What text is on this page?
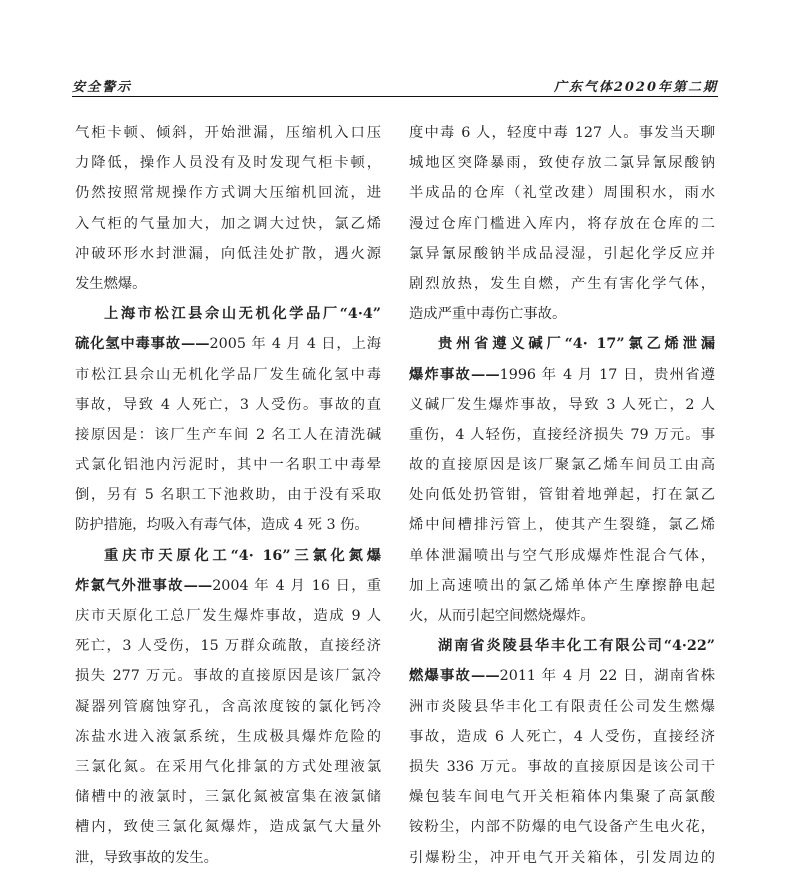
安全警示	广东气体2020年第二期
气柜卡顿、倾斜，开始泄漏，压缩机入口压
力降低，操作人员没有及时发现气柜卡顿，
仍然按照常规操作方式调大压缩机回流，进
入气柜的气量加大，加之调大过快，氯乙烯
冲破环形水封泄漏，向低洼处扩散，遇火源
发生燃爆。
上海市松江县佘山无机化学品厂“4·4”
硫化氢中毒事故——2005 年 4 月 4 日，上海
市松江县佘山无机化学品厂发生硫化氢中毒
事故，导致 4 人死亡，3 人受伤。事故的直
接原因是：该厂生产车间 2 名工人在清洗碱
式氯化铝池内污泥时，其中一名职工中毒晕
倒，另有 5 名职工下池救助，由于没有采取
防护措施，均吸入有毒气体，造成 4 死 3 伤。
重庆市天原化工“4· 16”三氯化氮爆
炸氯气外泄事故——2004 年 4 月 16 日，重
庆市天原化工总厂发生爆炸事故，造成 9 人
死亡，3 人受伤，15 万群众疏散，直接经济
损失 277 万元。事故的直接原因是该厂氯冷
凝器列管腐蚀穿孔，含高浓度铵的氯化钙冷
冻盐水进入液氯系统，生成极具爆炸危险的
三氯化氮。在采用气化排氯的方式处理液氯
储槽中的液氯时，三氯化氮被富集在液氯储
槽内，致使三氯化氮爆炸，造成氯气大量外
泄，导致事故的发生。
度中毒 6 人，轻度中毒 127 人。事发当天聊
城地区突降暴雨，致使存放二氯异氰尿酸钠
半成品的仓库（礼堂改建）周围积水，雨水
漫过仓库门槛进入库内，将存放在仓库的二
氯异氰尿酸钠半成品浸湿，引起化学反应并
剧烈放热，发生自燃，产生有害化学气体，
造成严重中毒伤亡事故。
贵州省遵义碱厂“4· 17”氯乙烯泄漏
爆炸事故——1996 年 4 月 17 日，贵州省遵
义碱厂发生爆炸事故，导致 3 人死亡，2 人
重伤，4 人轻伤，直接经济损失 79 万元。事
故的直接原因是该厂聚氯乙烯车间员工由高
处向低处扔管钳，管钳着地弹起，打在氯乙
烯中间槽排污管上，使其产生裂缝，氯乙烯
单体泄漏喷出与空气形成爆炸性混合气体，
加上高速喷出的氯乙烯单体产生摩擦静电起
火，从而引起空间燃烧爆炸。
湖南省炎陵县华丰化工有限公司“4·22”
燃爆事故——2011 年 4 月 22 日，湖南省株
洲市炎陵县华丰化工有限责任公司发生燃爆
事故，造成 6 人死亡，4 人受伤，直接经济
损失 336 万元。事故的直接原因是该公司干
燥包装车间电气开关柜箱体内集聚了高氯酸
铵粉尘，内部不防爆的电气设备产生电火花，
引爆粉尘，冲开电气开关箱体，引发周边的
